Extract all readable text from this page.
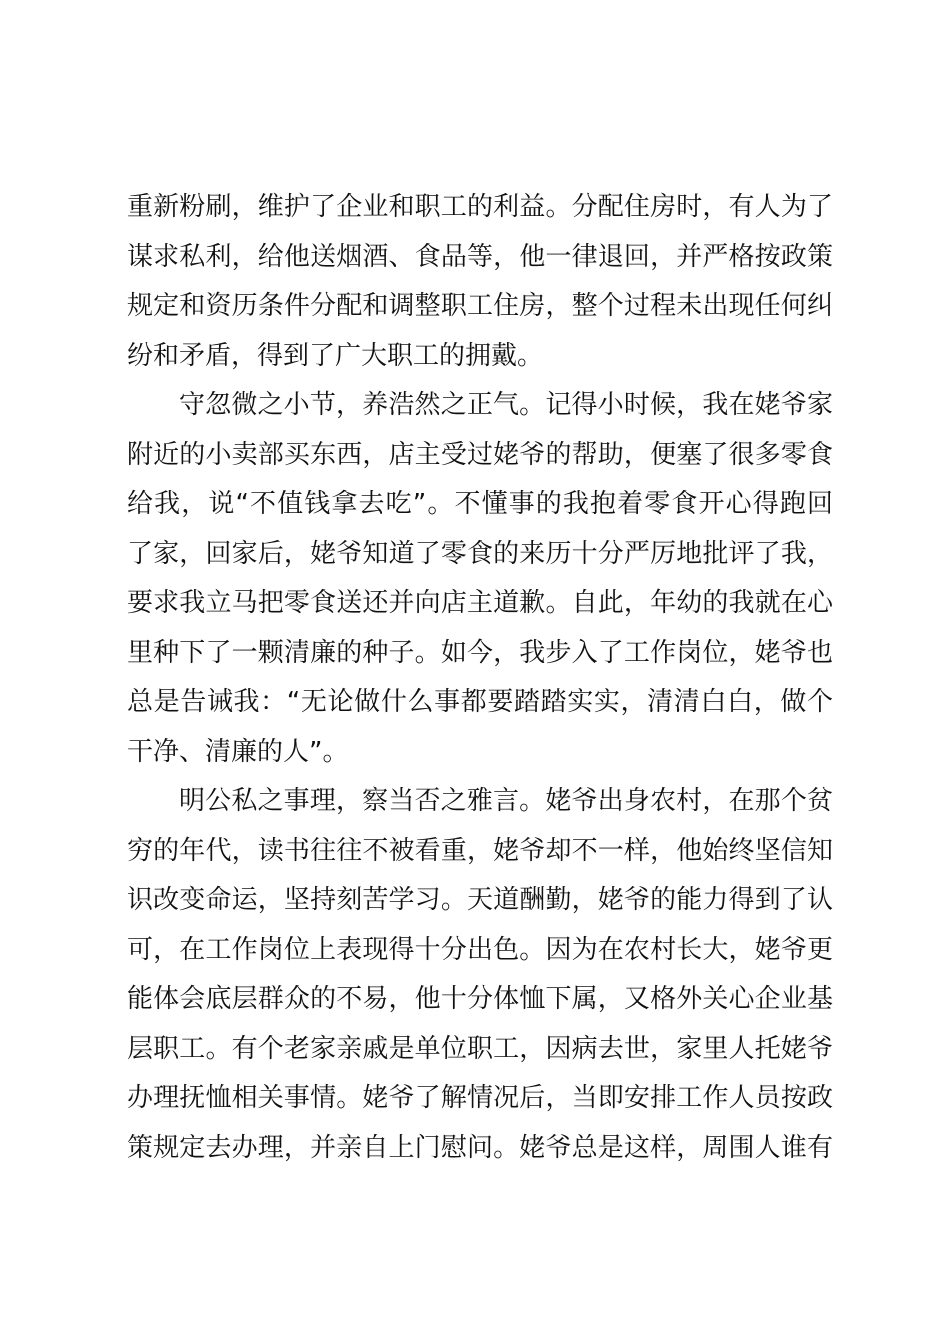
重新粉刷，维护了企业和职工的利益。分配住房时，有人为了
谋求私利，给他送烟酒、食品等，他一律退回，并严格按政策
规定和资历条件分配和调整职工住房，整个过程未出现任何纠
纷和矛盾，得到了广大职工的拥戴。
守忽微之小节，养浩然之正气。记得小时候，我在姥爷家
附近的小卖部买东西，店主受过姥爷的帮助，便塞了很多零食
给我，说“不值钱拿去吃”。不懂事的我抱着零食开心得跑回
了家，回家后，姥爷知道了零食的来历十分严厉地批评了我，
要求我立马把零食送还并向店主道歉。自此，年幼的我就在心
里种下了一颗清廉的种子。如今，我步入了工作岗位，姥爷也
总是告诫我：“无论做什么事都要踏踏实实，清清白白，做个
干净、清廉的人”。
明公私之事理，察当否之雅言。姥爷出身农村，在那个贫
穷的年代，读书往往不被看重，姥爷却不一样，他始终坚信知
识改变命运，坚持刻苦学习。天道酬勤，姥爷的能力得到了认
可，在工作岗位上表现得十分出色。因为在农村长大，姥爷更
能体会底层群众的不易，他十分体恤下属，又格外关心企业基
层职工。有个老家亲戚是单位职工，因病去世，家里人托姥爷
办理抚恤相关事情。姥爷了解情况后，当即安排工作人员按政
策规定去办理，并亲自上门慰问。姥爷总是这样，周围人谁有
